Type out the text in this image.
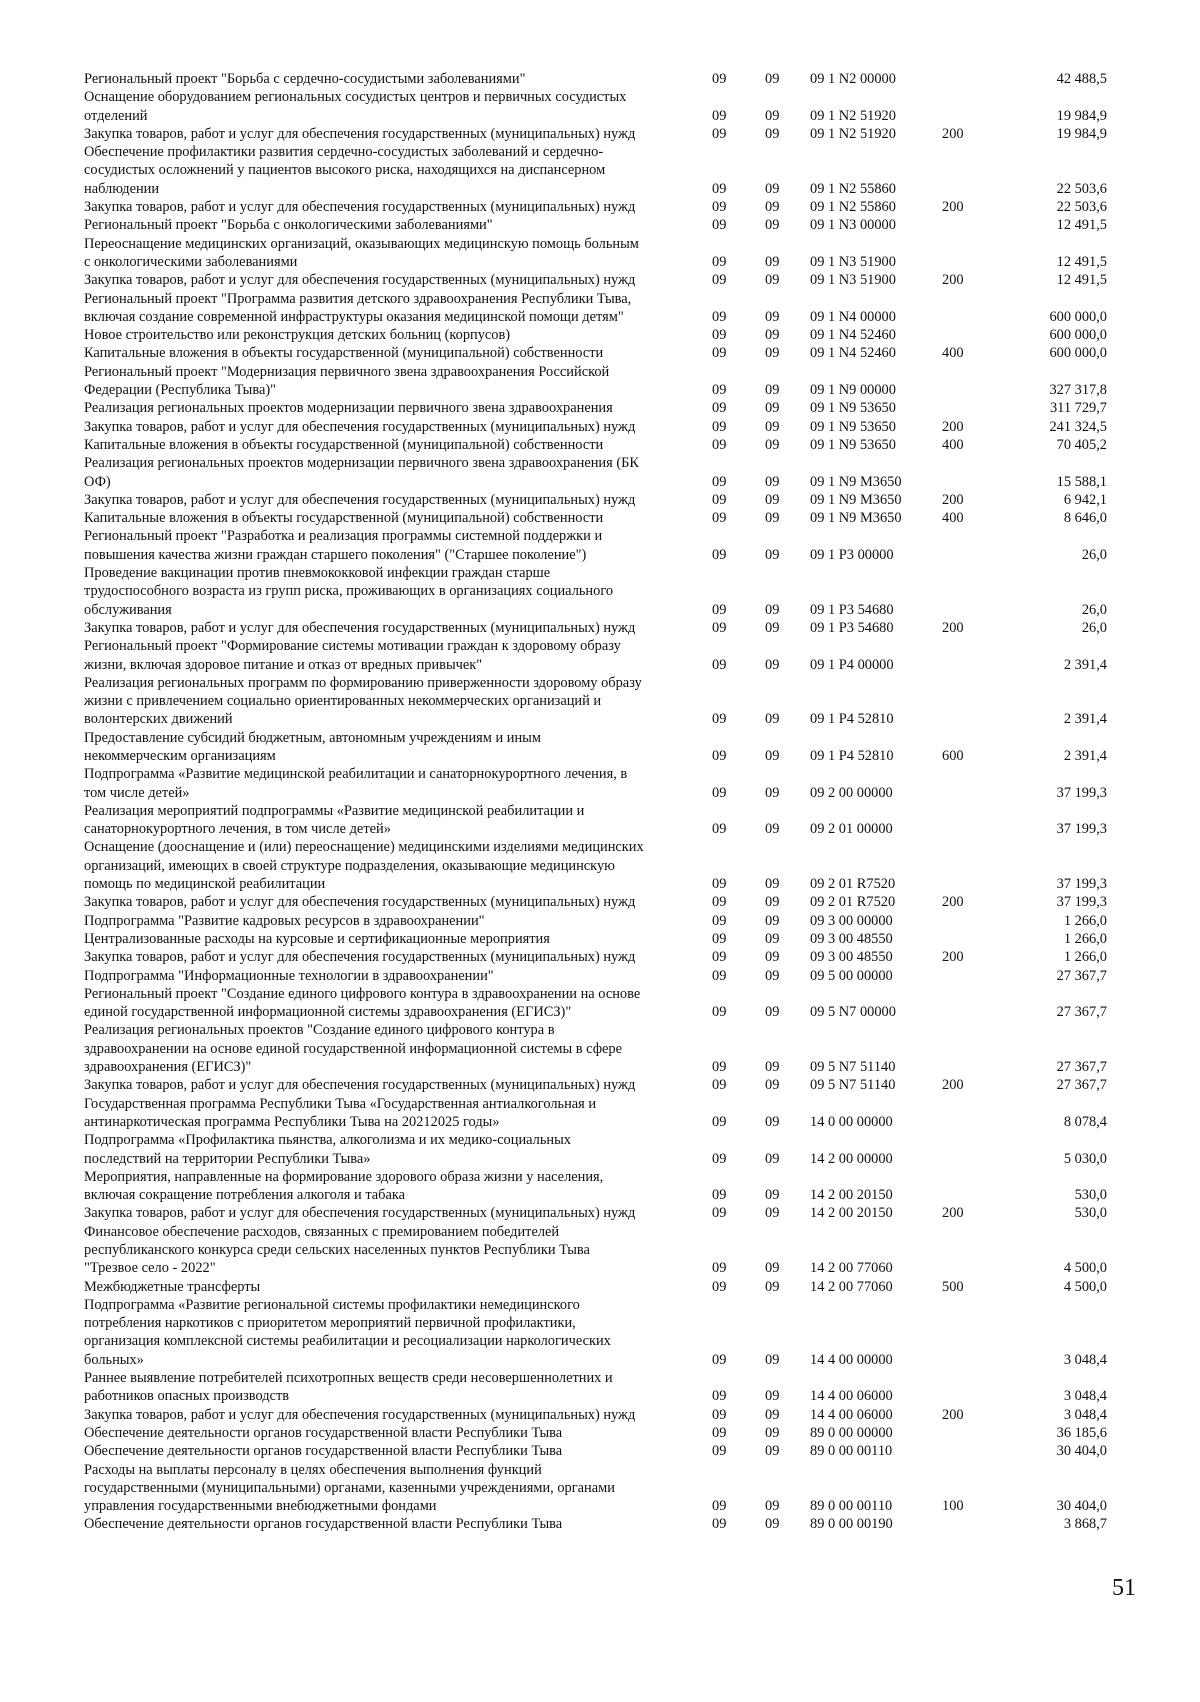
Региональный проект "Борьба с сердечно-сосудистыми заболеваниями"	09	09	09 1 N2 00000	42 488,5
Оснащение оборудованием региональных сосудистых центров и первичных сосудистых
отделений	09	09	09 1 N2 51920	19 984,9
Закупка товаров, работ и услуг для обеспечения государственных (муниципальных) нужд	09	09	09 1 N2 51920	200	19 984,9
Обеспечение профилактики развития сердечно-сосудистых заболеваний и сердечно-
сосудистых осложнений у пациентов высокого риска, находящихся на диспансерном
наблюдении	09	09	09 1 N2 55860	22 503,6
Закупка товаров, работ и услуг для обеспечения государственных (муниципальных) нужд	09	09	09 1 N2 55860	200	22 503,6
Региональный проект "Борьба с онкологическими заболеваниями"	09	09	09 1 N3 00000	12 491,5
Переоснащение медицинских организаций, оказывающих медицинскую помощь больным
с онкологическими заболеваниями	09	09	09 1 N3 51900	12 491,5
Закупка товаров, работ и услуг для обеспечения государственных (муниципальных) нужд	09	09	09 1 N3 51900	200	12 491,5
Региональный проект "Программа развития детского здравоохранения Республики Тыва,
включая создание современной инфраструктуры оказания медицинской помощи детям"	09	09	09 1 N4 00000	600 000,0
Новое строительство или реконструкция детских больниц (корпусов)	09	09	09 1 N4 52460	600 000,0
Капитальные вложения в объекты государственной (муниципальной) собственности	09	09	09 1 N4 52460	400	600 000,0
Региональный проект "Модернизация первичного звена здравоохранения Российской
Федерации (Республика Тыва)"	09	09	09 1 N9 00000	327 317,8
Реализация региональных проектов модернизации первичного звена здравоохранения	09	09	09 1 N9 53650	311 729,7
Закупка товаров, работ и услуг для обеспечения государственных (муниципальных) нужд	09	09	09 1 N9 53650	200	241 324,5
Капитальные вложения в объекты государственной (муниципальной) собственности	09	09	09 1 N9 53650	400	70 405,2
Реализация региональных проектов модернизации первичного звена здравоохранения (БК
ОФ)	09	09	09 1 N9 M3650	15 588,1
Закупка товаров, работ и услуг для обеспечения государственных (муниципальных) нужд	09	09	09 1 N9 M3650	200	6 942,1
Капитальные вложения в объекты государственной (муниципальной) собственности	09	09	09 1 N9 M3650	400	8 646,0
Региональный проект "Разработка и реализация программы системной поддержки и
повышения качества жизни граждан старшего поколения" ("Старшее поколение")	09	09	09 1 P3 00000	26,0
Проведение вакцинации против пневмококковой инфекции граждан старше
трудоспособного возраста из групп риска, проживающих в организациях социального
обслуживания	09	09	09 1 P3 54680	26,0
Закупка товаров, работ и услуг для обеспечения государственных (муниципальных) нужд	09	09	09 1 P3 54680	200	26,0
Региональный проект "Формирование системы мотивации граждан к здоровому образу
жизни, включая здоровое питание и отказ от вредных привычек"	09	09	09 1 P4 00000	2 391,4
Реализация региональных программ по формированию приверженности здоровому образу
жизни с привлечением социально ориентированных некоммерческих организаций и
волонтерских движений	09	09	09 1 P4 52810	2 391,4
Предоставление субсидий бюджетным, автономным учреждениям и иным
некоммерческим организациям	09	09	09 1 P4 52810	600	2 391,4
Подпрограмма «Развитие медицинской реабилитации и санаторнокурортного лечения, в
том числе детей»	09	09	09 2 00 00000	37 199,3
Реализация мероприятий подпрограммы «Развитие медицинской реабилитации и
санаторнокурортного лечения, в том числе детей»	09	09	09 2 01 00000	37 199,3
Оснащение (дооснащение и (или) переоснащение) медицинскими изделиями медицинских
организаций, имеющих в своей структуре подразделения, оказывающие медицинскую
помощь по медицинской реабилитации	09	09	09 2 01 R7520	37 199,3
Закупка товаров, работ и услуг для обеспечения государственных (муниципальных) нужд	09	09	09 2 01 R7520	200	37 199,3
Подпрограмма "Развитие кадровых ресурсов в здравоохранении"	09	09	09 3 00 00000	1 266,0
Централизованные расходы на курсовые и сертификационные мероприятия	09	09	09 3 00 48550	1 266,0
Закупка товаров, работ и услуг для обеспечения государственных (муниципальных) нужд	09	09	09 3 00 48550	200	1 266,0
Подпрограмма "Информационные технологии в здравоохранении"	09	09	09 5 00 00000	27 367,7
Региональный проект "Создание единого цифрового контура в здравоохранении на основе
единой государственной информационной системы здравоохранения (ЕГИСЗ)"	09	09	09 5 N7 00000	27 367,7
Реализация региональных проектов "Создание единого цифрового контура в
здравоохранении на основе единой государственной информационной системы в сфере
здравоохранения (ЕГИСЗ)"	09	09	09 5 N7 51140	27 367,7
Закупка товаров, работ и услуг для обеспечения государственных (муниципальных) нужд	09	09	09 5 N7 51140	200	27 367,7
Государственная программа Республики Тыва «Государственная антиалкогольная и
антинаркотическая программа Республики Тыва на 20212025 годы»	09	09	14 0 00 00000	8 078,4
Подпрограмма «Профилактика пьянства, алкоголизма и их медико-социальных
последствий на территории Республики Тыва»	09	09	14 2 00 00000	5 030,0
Мероприятия, направленные на формирование здорового образа жизни у населения,
включая сокращение потребления алкоголя и табака	09	09	14 2 00 20150	530,0
Закупка товаров, работ и услуг для обеспечения государственных (муниципальных) нужд	09	09	14 2 00 20150	200	530,0
Финансовое обеспечение расходов, связанных с премированием победителей
республиканского конкурса среди сельских населенных пунктов Республики Тыва
"Трезвое село - 2022"	09	09	14 2 00 77060	4 500,0
Межбюджетные трансферты	09	09	14 2 00 77060	500	4 500,0
Подпрограмма «Развитие региональной системы профилактики немедицинского
потребления наркотиков с приоритетом мероприятий первичной профилактики,
организация комплексной системы реабилитации и ресоциализации наркологических
больных»	09	09	14 4 00 00000	3 048,4
Раннее выявление потребителей психотропных веществ среди несовершеннолетних и
работников опасных производств	09	09	14 4 00 06000	3 048,4
Закупка товаров, работ и услуг для обеспечения государственных (муниципальных) нужд	09	09	14 4 00 06000	200	3 048,4
Обеспечение деятельности органов государственной власти Республики Тыва	09	09	89 0 00 00000	36 185,6
Обеспечение деятельности органов государственной власти Республики Тыва	09	09	89 0 00 00110	30 404,0
Расходы на выплаты персоналу в целях обеспечения выполнения функций
государственными (муниципальными) органами, казенными учреждениями, органами
управления государственными внебюджетными фондами	09	09	89 0 00 00110	100	30 404,0
Обеспечение деятельности органов государственной власти Республики Тыва	09	09	89 0 00 00190	3 868,7
51
